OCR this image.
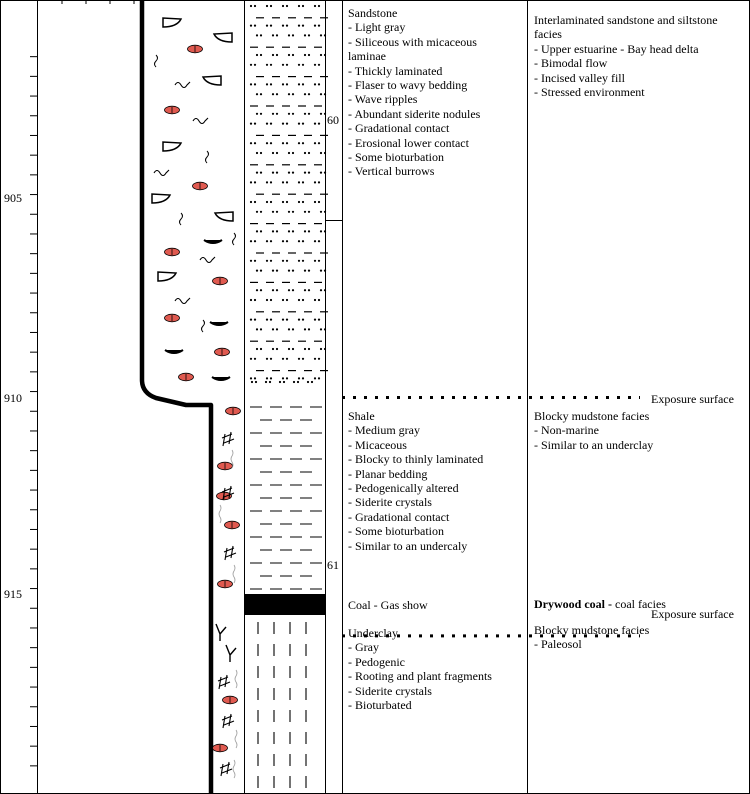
905
910
915
60
61
Sandstone
- Light gray
- Siliceous with micaceous
laminae
- Thickly laminated
- Flaser to wavy bedding
- Wave ripples
- Abundant siderite nodules
- Gradational contact
- Erosional lower contact
- Some bioturbation
- Vertical burrows
Interlaminated sandstone and siltstone
facies
- Upper estuarine - Bay head delta
- Bimodal flow
- Incised valley fill
- Stressed environment
Exposure surface
Exposure surface
Shale
- Medium gray
- Micaceous
- Blocky to thinly laminated
- Planar bedding
- Pedogenically altered
- Siderite crystals
- Gradational contact
- Some bioturbation
- Similar to an undercaly
Blocky mudstone facies
- Non-marine
- Similar to an underclay
Coal - Gas show	Drywood coal - coal facies
Underclay
- Gray
- Pedogenic
- Rooting and plant fragments
- Siderite crystals
- Bioturbated
Blocky mudstone facies
- Paleosol
